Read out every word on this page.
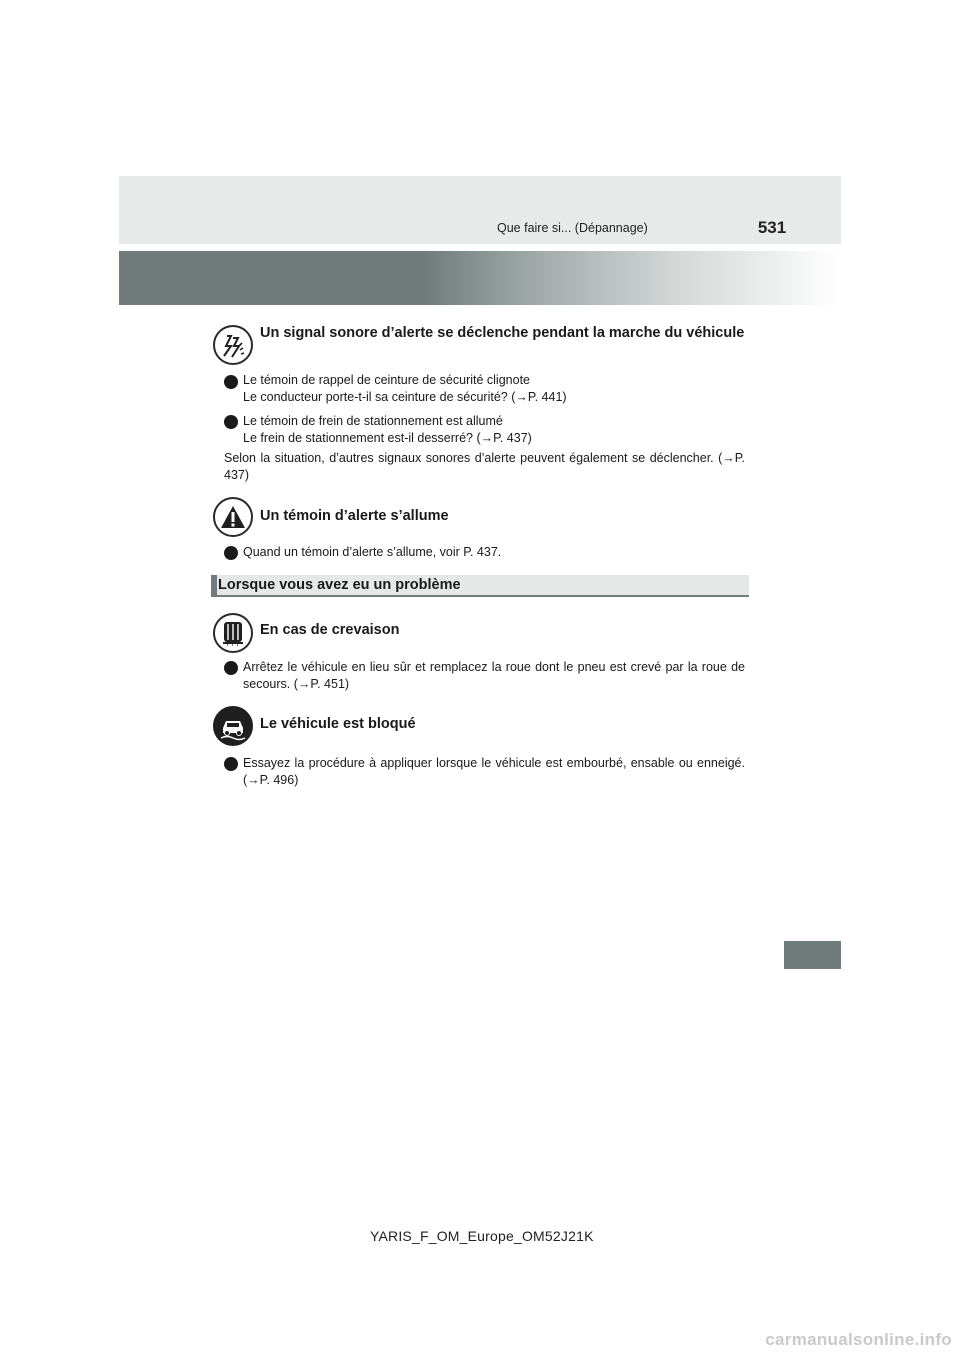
Que faire si... (Dépannage)	531
Un signal sonore d’alerte se déclenche pendant la marche du véhicule
Le témoin de rappel de ceinture de sécurité clignote
Le conducteur porte-t-il sa ceinture de sécurité? (→P. 441)
Le témoin de frein de stationnement est allumé
Le frein de stationnement est-il desserré? (→P. 437)
Selon la situation, d’autres signaux sonores d’alerte peuvent également se déclencher. (→P. 437)
Un témoin d’alerte s’allume
Quand un témoin d’alerte s’allume, voir P. 437.
Lorsque vous avez eu un problème
En cas de crevaison
Arrêtez le véhicule en lieu sûr et remplacez la roue dont le pneu est crevé par la roue de secours. (→P. 451)
Le véhicule est bloqué
Essayez la procédure à appliquer lorsque le véhicule est embourbé, ensable ou enneigé. (→P. 496)
YARIS_F_OM_Europe_OM52J21K
carmanualsonline.info
